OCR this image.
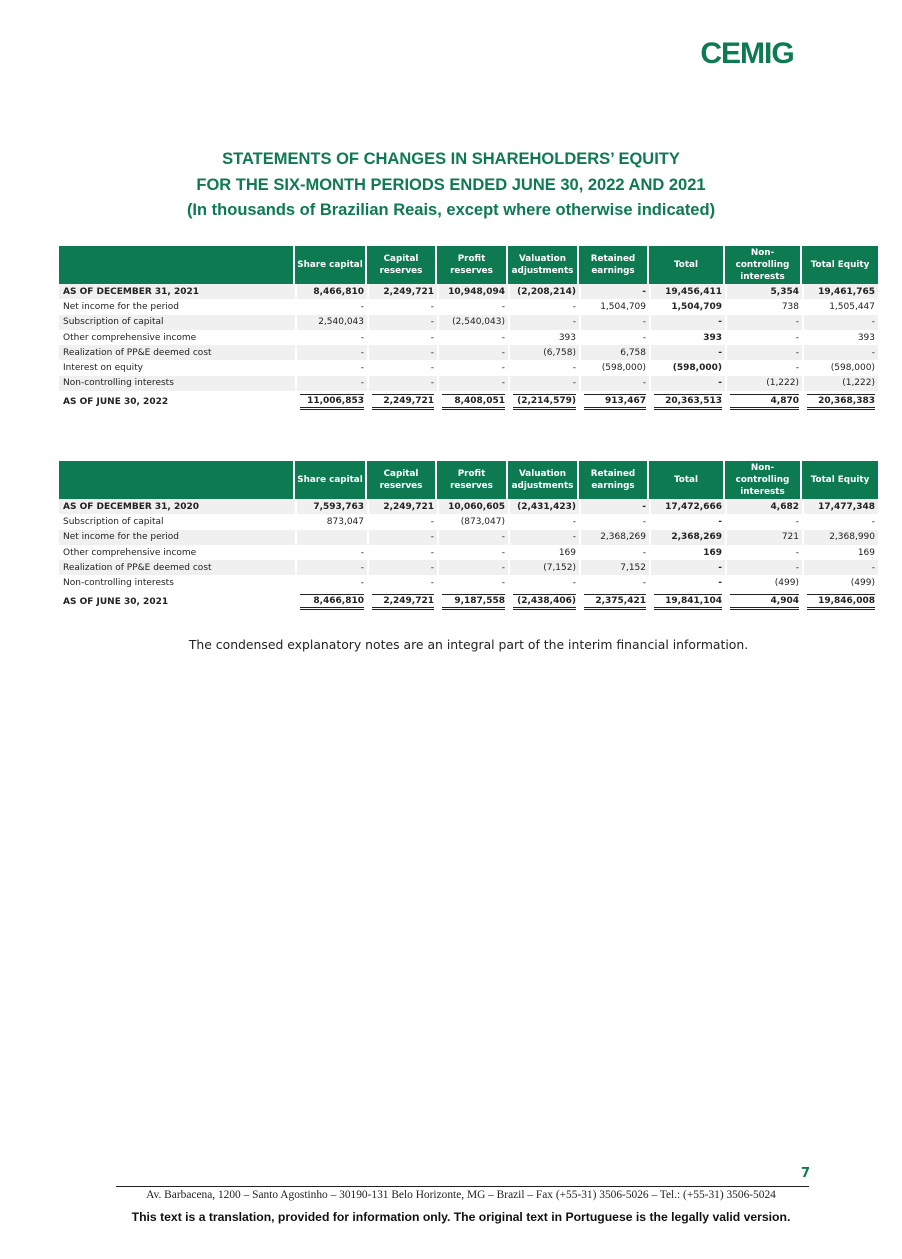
CEMIG
STATEMENTS OF CHANGES IN SHAREHOLDERS’ EQUITY
FOR THE SIX-MONTH PERIODS ENDED JUNE 30, 2022 AND 2021
(In thousands of Brazilian Reais, except where otherwise indicated)
	Share capital	Capital reserves	Profit reserves	Valuation adjustments	Retained earnings	Total	Non-controlling interests	Total Equity
AS OF DECEMBER 31, 2021	8,466,810	2,249,721	10,948,094	(2,208,214)	-	19,456,411	5,354	19,461,765
Net income for the period	-	-	-	-	1,504,709	1,504,709	738	1,505,447
Subscription of capital	2,540,043	-	(2,540,043)	-	-	-	-	-
Other comprehensive income	-	-	-	393	-	393	-	393
Realization of PP&E deemed cost	-	-	-	(6,758)	6,758	-	-	-
Interest on equity	-	-	-	-	(598,000)	(598,000)	-	(598,000)
Non-controlling interests	-	-	-	-	-	-	(1,222)	(1,222)

AS OF JUNE 30, 2022	11,006,853	2,249,721	8,408,051	(2,214,579)	913,467	20,363,513	4,870	20,368,383
	Share capital	Capital reserves	Profit reserves	Valuation adjustments	Retained earnings	Total	Non-controlling interests	Total Equity
AS OF DECEMBER 31, 2020	7,593,763	2,249,721	10,060,605	(2,431,423)	-	17,472,666	4,682	17,477,348
Subscription of capital	873,047	-	(873,047)	-	-	-	-	-
Net income for the period		-	-	-	2,368,269	2,368,269	721	2,368,990
Other comprehensive income	-	-	-	169	-	169	-	169
Realization of PP&E deemed cost	-	-	-	(7,152)	7,152	-	-	-
Non-controlling interests	-	-	-	-	-	-	(499)	(499)

AS OF JUNE 30, 2021	8,466,810	2,249,721	9,187,558	(2,438,406)	2,375,421	19,841,104	4,904	19,846,008
The condensed explanatory notes are an integral part of the interim financial information.
7
Av. Barbacena, 1200 – Santo Agostinho – 30190-131 Belo Horizonte, MG – Brazil – Fax (+55-31) 3506-5026 – Tel.: (+55-31) 3506-5024
This text is a translation, provided for information only. The original text in Portuguese is the legally valid version.
